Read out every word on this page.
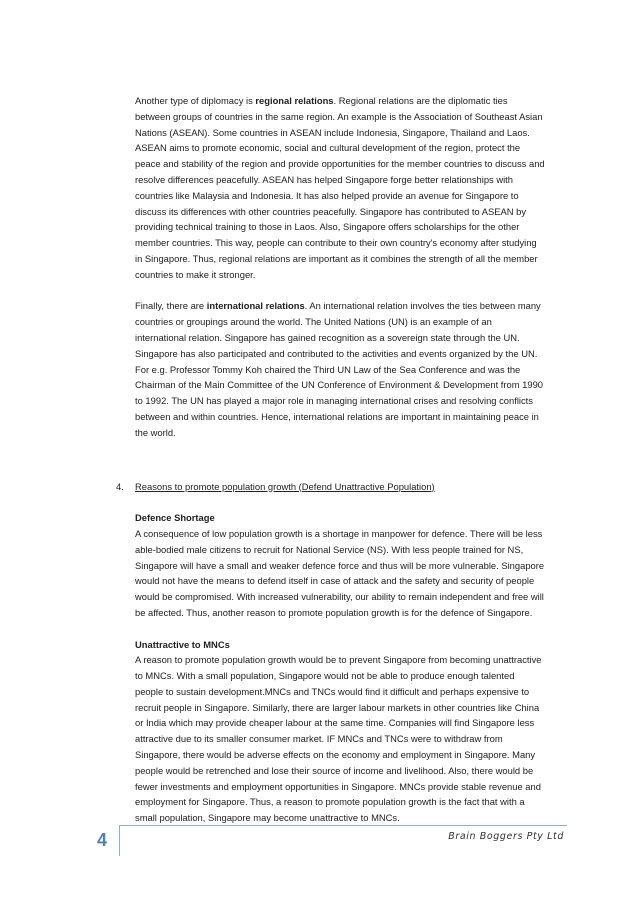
Another type of diplomacy is regional relations. Regional relations are the diplomatic ties between groups of countries in the same region. An example is the Association of Southeast Asian Nations (ASEAN). Some countries in ASEAN include Indonesia, Singapore, Thailand and Laos. ASEAN aims to promote economic, social and cultural development of the region, protect the peace and stability of the region and provide opportunities for the member countries to discuss and resolve differences peacefully. ASEAN has helped Singapore forge better relationships with countries like Malaysia and Indonesia. It has also helped provide an avenue for Singapore to discuss its differences with other countries peacefully. Singapore has contributed to ASEAN by providing technical training to those in Laos. Also, Singapore offers scholarships for the other member countries. This way, people can contribute to their own country's economy after studying in Singapore. Thus, regional relations are important as it combines the strength of all the member countries to make it stronger.

Finally, there are international relations. An international relation involves the ties between many countries or groupings around the world. The United Nations (UN) is an example of an international relation. Singapore has gained recognition as a sovereign state through the UN. Singapore has also participated and contributed to the activities and events organized by the UN. For e.g. Professor Tommy Koh chaired the Third UN Law of the Sea Conference and was the Chairman of the Main Committee of the UN Conference of Environment & Development from 1990 to 1992. The UN has played a major role in managing international crises and resolving conflicts between and within countries. Hence, international relations are important in maintaining peace in the world.

4. Reasons to promote population growth (Defend Unattractive Population)

Defence Shortage
A consequence of low population growth is a shortage in manpower for defence. There will be less able-bodied male citizens to recruit for National Service (NS). With less people trained for NS, Singapore will have a small and weaker defence force and thus will be more vulnerable. Singapore would not have the means to defend itself in case of attack and the safety and security of people would be compromised. With increased vulnerability, our ability to remain independent and free will be affected. Thus, another reason to promote population growth is for the defence of Singapore.

Unattractive to MNCs
A reason to promote population growth would be to prevent Singapore from becoming unattractive to MNCs. With a small population, Singapore would not be able to produce enough talented people to sustain development.MNCs and TNCs would find it difficult and perhaps expensive to recruit people in Singapore. Similarly, there are larger labour markets in other countries like China or India which may provide cheaper labour at the same time. Companies will find Singapore less attractive due to its smaller consumer market. IF MNCs and TNCs were to withdraw from Singapore, there would be adverse effects on the economy and employment in Singapore. Many people would be retrenched and lose their source of income and livelihood. Also, there would be fewer investments and employment opportunities in Singapore. MNCs provide stable revenue and employment for Singapore. Thus, a reason to promote population growth is the fact that with a small population, Singapore may become unattractive to MNCs.

4	Brain Boggers Pty Ltd
